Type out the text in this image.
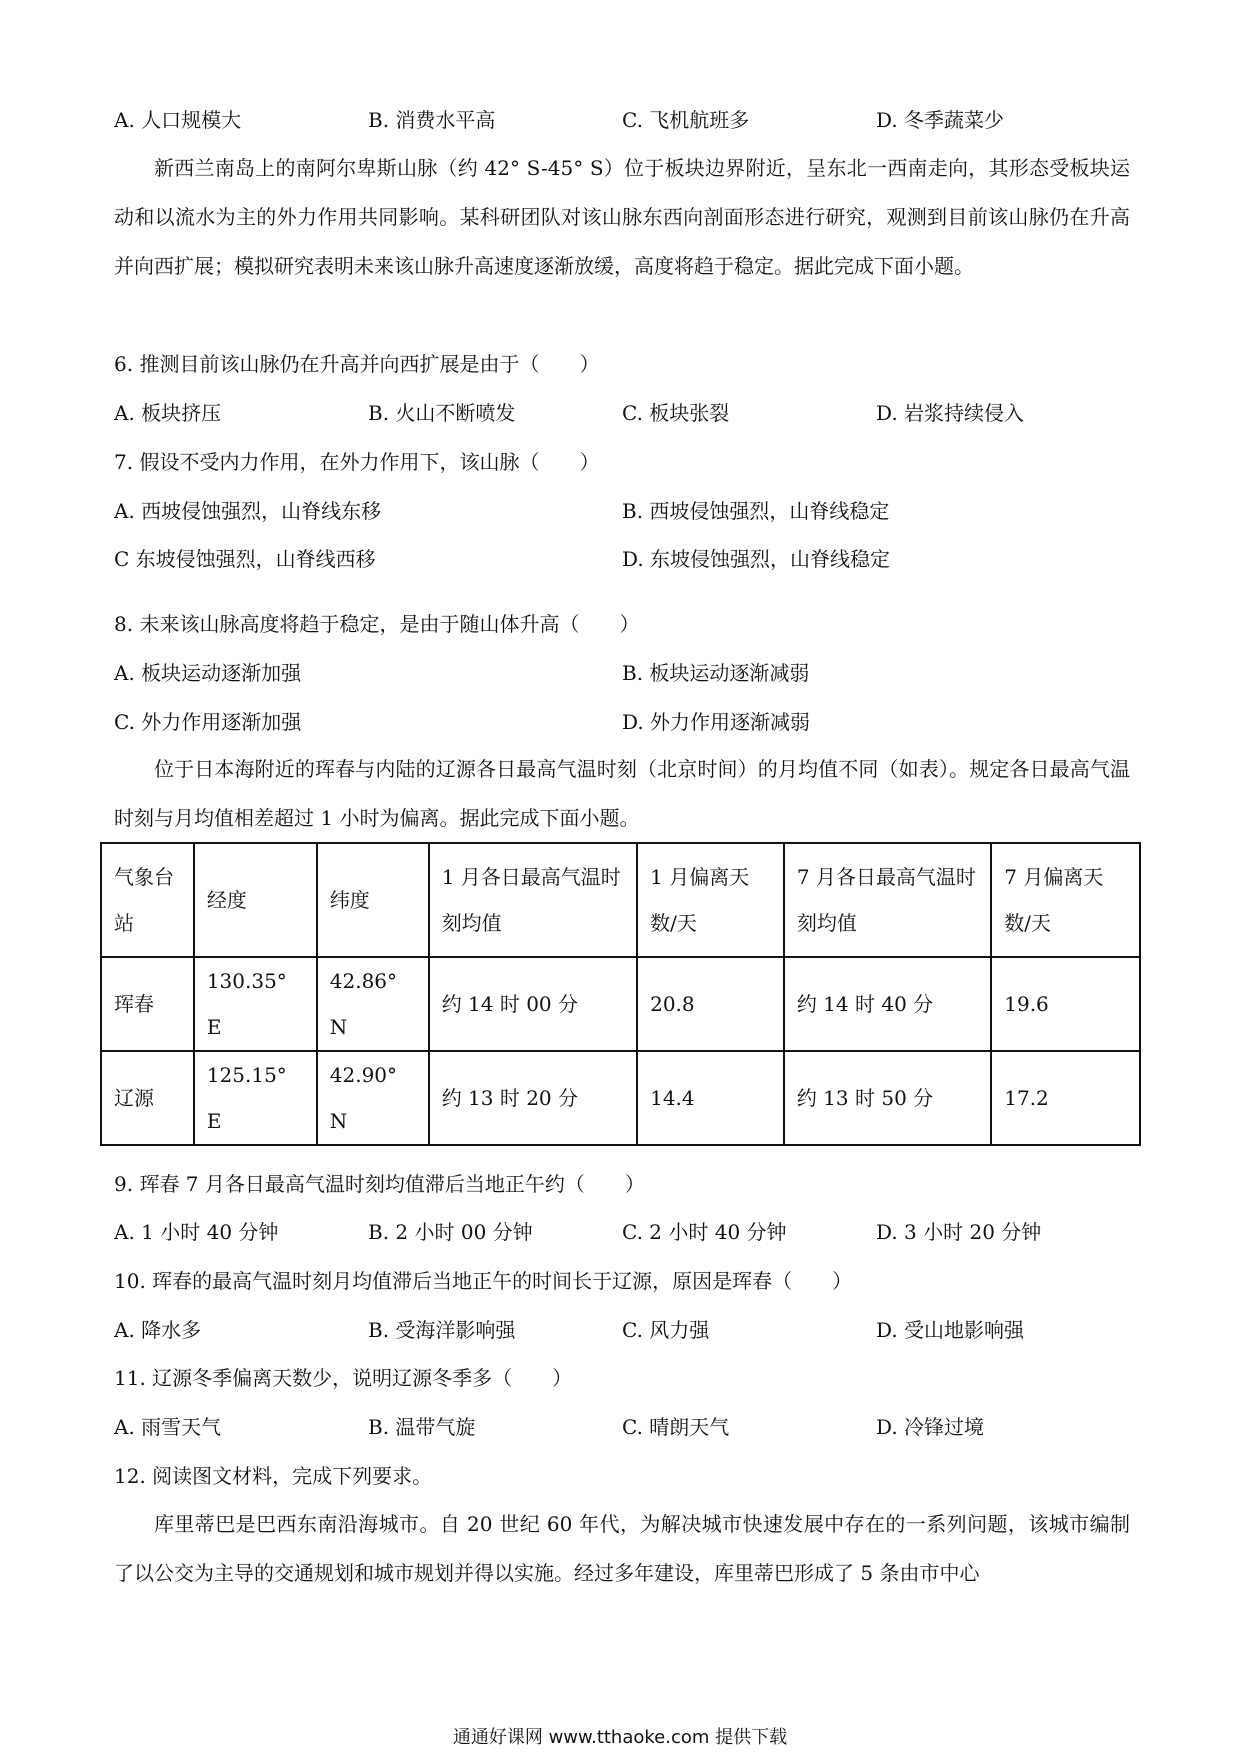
A. 人口规模大	B. 消费水平高	C. 飞机航班多	D. 冬季蔬菜少
新西兰南岛上的南阿尔卑斯山脉（约 42° S-45° S）位于板块边界附近，呈东北一西南走向，其形态受板块运动和以流水为主的外力作用共同影响。某科研团队对该山脉东西向剖面形态进行研究，观测到目前该山脉仍在升高并向西扩展；模拟研究表明未来该山脉升高速度逐渐放缓，高度将趋于稳定。据此完成下面小题。
6. 推测目前该山脉仍在升高并向西扩展是由于（　　）
A. 板块挤压	B. 火山不断喷发	C. 板块张裂	D. 岩浆持续侵入
7. 假设不受内力作用，在外力作用下，该山脉（　　）
A. 西坡侵蚀强烈，山脊线东移	B. 西坡侵蚀强烈，山脊线稳定
C 东坡侵蚀强烈，山脊线西移	D. 东坡侵蚀强烈，山脊线稳定
8. 未来该山脉高度将趋于稳定，是由于随山体升高（　　）
A. 板块运动逐渐加强	B. 板块运动逐渐减弱
C. 外力作用逐渐加强	D. 外力作用逐渐减弱
位于日本海附近的珲春与内陆的辽源各日最高气温时刻（北京时间）的月均值不同（如表）。规定各日最高气温时刻与月均值相差超过 1 小时为偏离。据此完成下面小题。
气象台站	经度	纬度	1 月各日最高气温时刻均值	1 月偏离天数/天	7 月各日最高气温时刻均值	7 月偏离天数/天
珲春	130.35° E	42.86° N	约 14 时 00 分	20.8	约 14 时 40 分	19.6
辽源	125.15° E	42.90° N	约 13 时 20 分	14.4	约 13 时 50 分	17.2
9. 珲春 7 月各日最高气温时刻均值滞后当地正午约（　　）
A. 1 小时 40 分钟	B. 2 小时 00 分钟	C. 2 小时 40 分钟	D. 3 小时 20 分钟
10. 珲春的最高气温时刻月均值滞后当地正午的时间长于辽源，原因是珲春（　　）
A. 降水多	B. 受海洋影响强	C. 风力强	D. 受山地影响强
11. 辽源冬季偏离天数少，说明辽源冬季多（　　）
A. 雨雪天气	B. 温带气旋	C. 晴朗天气	D. 冷锋过境
12. 阅读图文材料，完成下列要求。
库里蒂巴是巴西东南沿海城市。自 20 世纪 60 年代，为解决城市快速发展中存在的一系列问题，该城市编制了以公交为主导的交通规划和城市规划并得以实施。经过多年建设，库里蒂巴形成了 5 条由市中心
通通好课网 www.tthaoke.com 提供下载
